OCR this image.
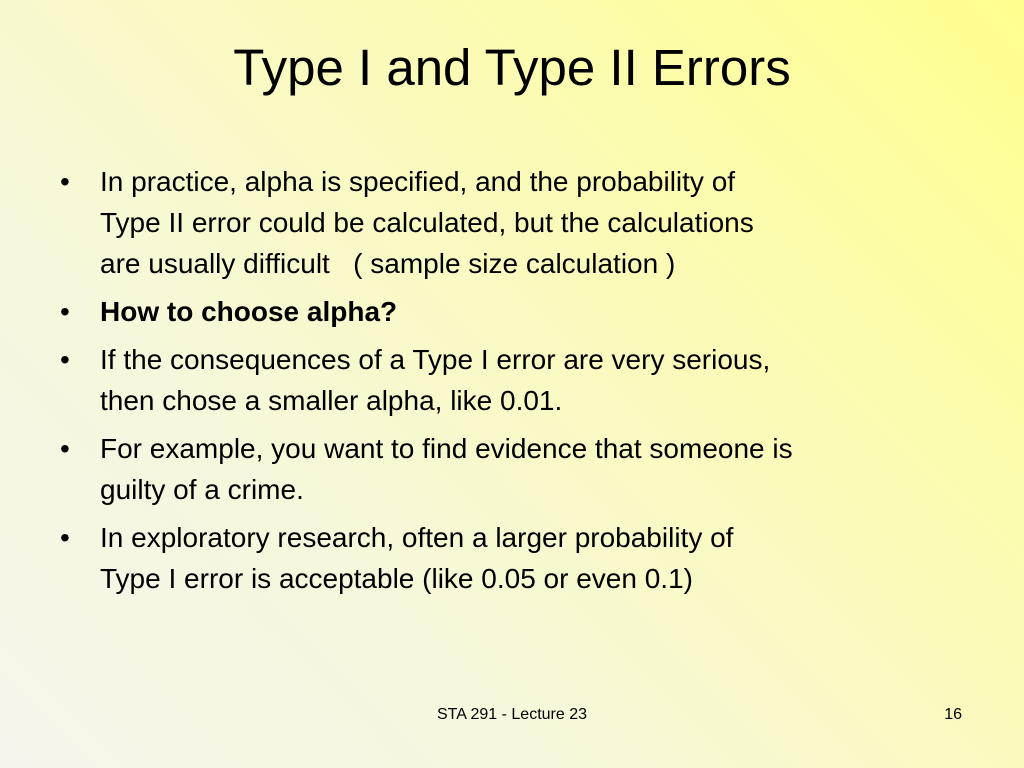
Type I and Type II Errors
•	In practice, alpha is specified, and the probability of
Type II error could be calculated, but the calculations
are usually difficult   ( sample size calculation )
•	How to choose alpha?
•	If the consequences of a Type I error are very serious,
then chose a smaller alpha, like 0.01.
•	For example, you want to find evidence that someone is
guilty of a crime.
•	In exploratory research, often a larger probability of
Type I error is acceptable (like 0.05 or even 0.1)
STA 291 - Lecture 23	16
